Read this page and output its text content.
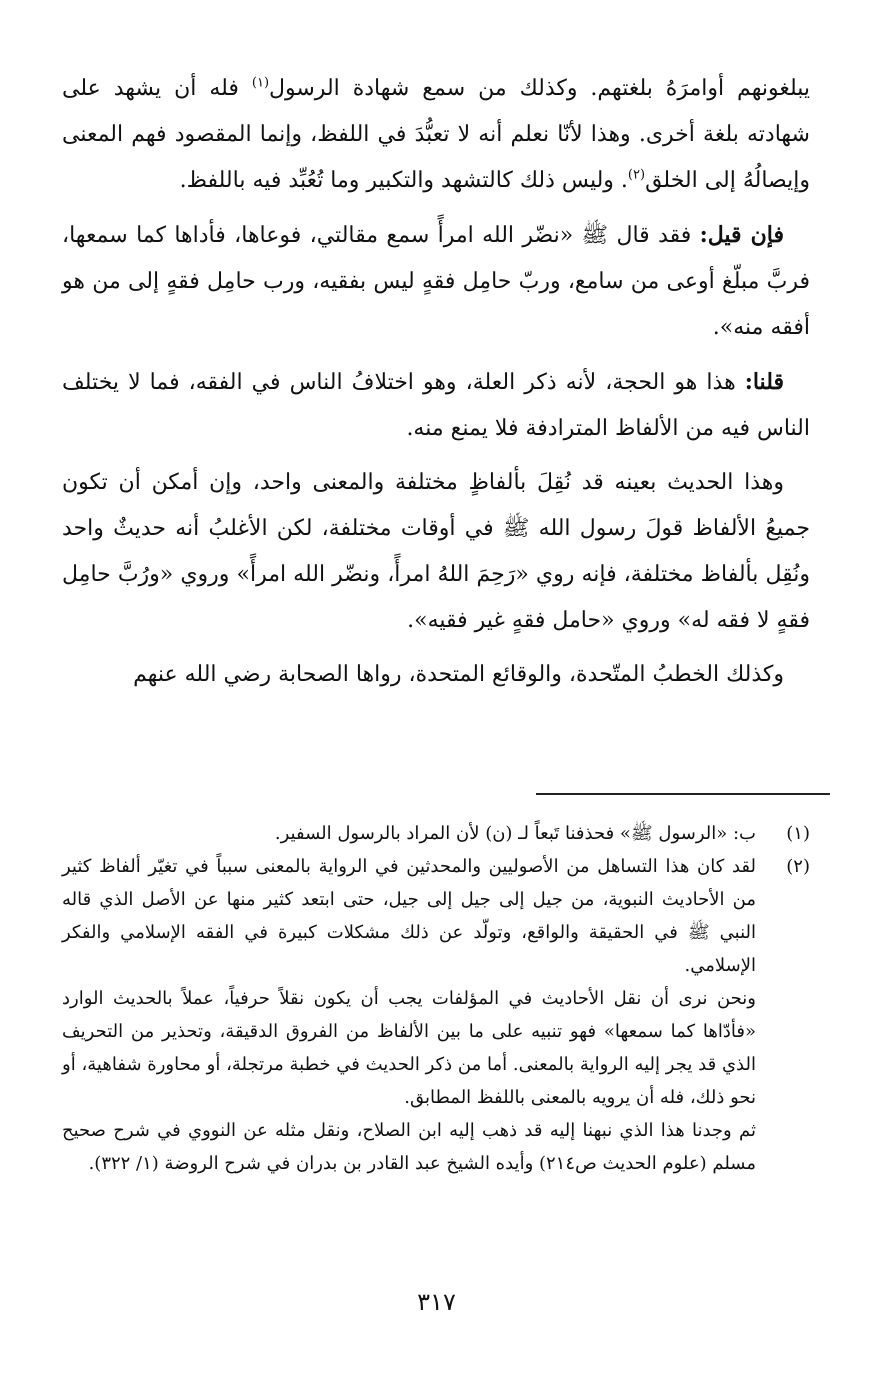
يبلغونهم أوامرَهُ بلغتهم. وكذلك من سمع شهادة الرسول$^{(١)}$ فله أن يشهد على شهادته بلغة أخرى. وهذا لأنّا نعلم أنه لا تعبُّدَ في اللفظ، وإنما المقصود فهم المعنى وإيصالُهُ إلى الخلق$^{(٢)}$. وليس ذلك كالتشهد والتكبير وما تُعُبِّد فيه باللفظ.

فإن قيل: فقد قال ﷺ «نضّر الله امرأً سمع مقالتي، فوعاها، فأداها كما سمعها، فربَّ مبلّغ أوعى من سامع، وربّ حامِل فقهٍ ليس بفقيه، ورب حامِل فقهٍ إلى من هو أفقه منه».

قلنا: هذا هو الحجة، لأنه ذكر العلة، وهو اختلافُ الناس في الفقه، فما لا يختلف الناس فيه من الألفاظ المترادفة فلا يمنع منه.

وهذا الحديث بعينه قد نُقِلَ بألفاظٍ مختلفة والمعنى واحد، وإن أمكن أن تكون جميعُ الألفاظ قولَ رسول الله ﷺ في أوقات مختلفة، لكن الأغلبُ أنه حديثٌ واحد ونُقِل بألفاظ مختلفة، فإنه روي «رَحِمَ اللهُ امرأً، ونضّر الله امرأً» وروي «ورُبَّ حامِل فقهٍ لا فقه له» وروي «حامل فقهٍ غير فقيه».

وكذلك الخطبُ المتّحدة، والوقائع المتحدة، رواها الصحابة رضي الله عنهم

(١)

ب: «الرسول ﷺ» فحذفنا تَبعاً لـ (ن) لأن المراد بالرسول السفير.

(٢)

لقد كان هذا التساهل من الأصوليين والمحدثين في الرواية بالمعنى سبباً في تغيّر ألفاظ كثير من الأحاديث النبوية، من جيل إلى جيل إلى جيل، حتى ابتعد كثير منها عن الأصل الذي قاله النبي ﷺ في الحقيقة والواقع، وتولّد عن ذلك مشكلات كبيرة في الفقه الإسلامي والفكر الإسلامي.

ونحن نرى أن نقل الأحاديث في المؤلفات يجب أن يكون نقلاً حرفياً، عملاً بالحديث الوارد «فأدّاها كما سمعها» فهو تنبيه على ما بين الألفاظ من الفروق الدقيقة، وتحذير من التحريف الذي قد يجر إليه الرواية بالمعنى. أما من ذكر الحديث في خطبة مرتجلة، أو محاورة شفاهية، أو نحو ذلك، فله أن يرويه بالمعنى باللفظ المطابق.

ثم وجدنا هذا الذي نبهنا إليه قد ذهب إليه ابن الصلاح، ونقل مثله عن النووي في شرح صحيح مسلم (علوم الحديث ص٢١٤) وأيده الشيخ عبد القادر بن بدران في شرح الروضة (١/ ٣٢٢).

٣١٧
